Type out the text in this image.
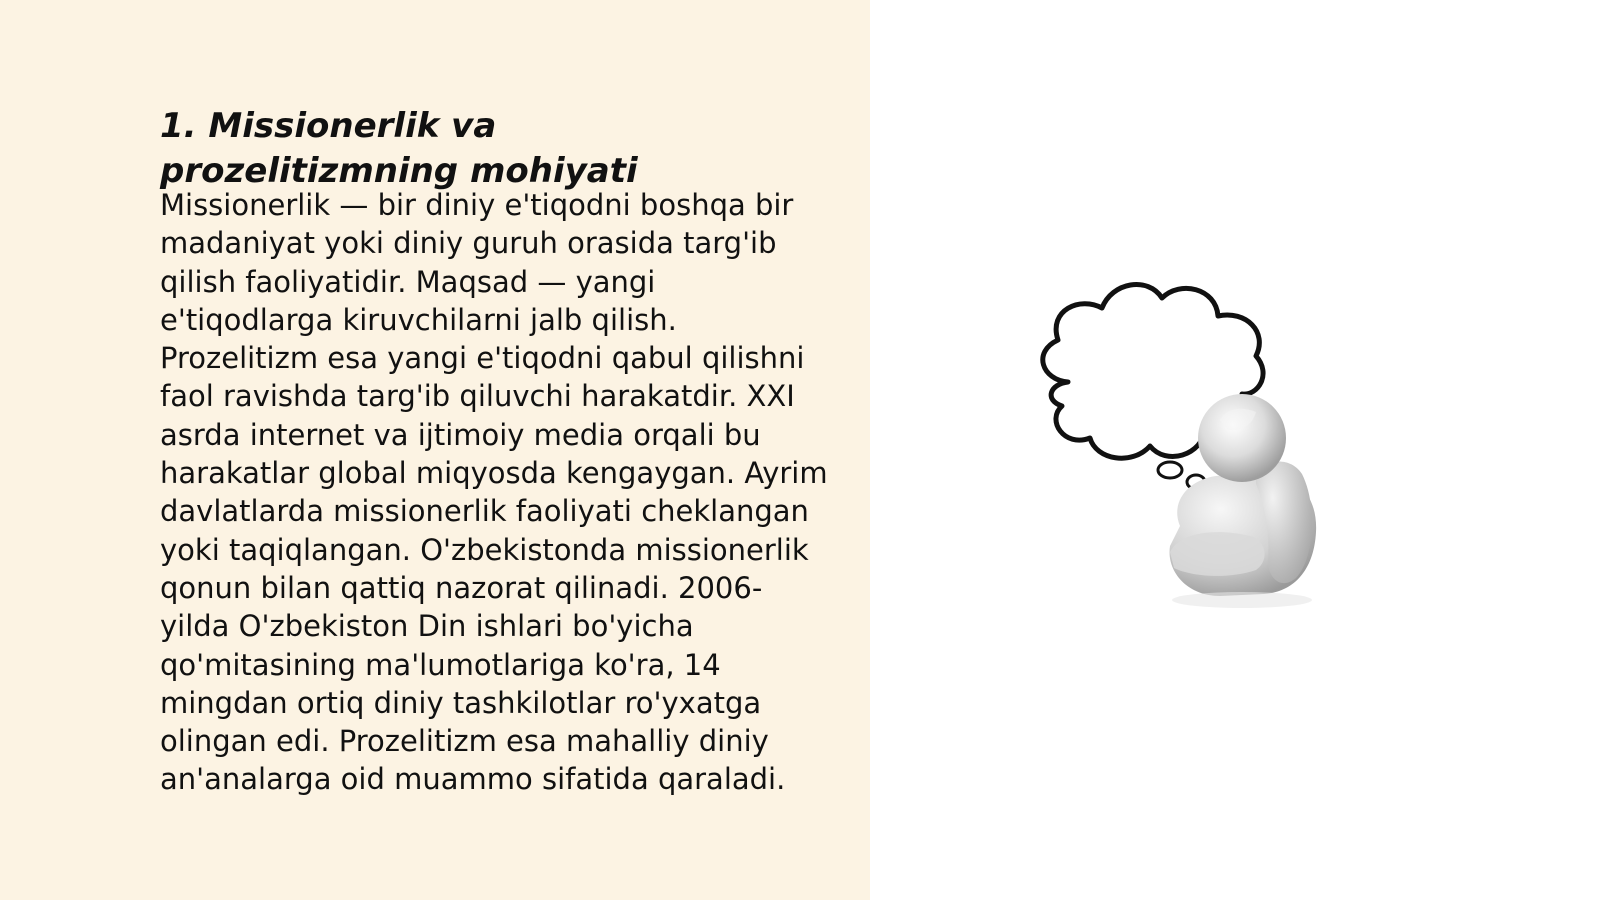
1. Missionerlik va prozelitizmning mohiyati

Missionerlik — bir diniy e'tiqodni boshqa bir madaniyat yoki diniy guruh orasida targ'ib qilish faoliyatidir. Maqsad — yangi e'tiqodlarga kiruvchilarni jalb qilish. Prozelitizm esa yangi e'tiqodni qabul qilishni faol ravishda targ'ib qiluvchi harakatdir. XXI asrda internet va ijtimoiy media orqali bu harakatlar global miqyosda kengaygan. Ayrim davlatlarda missionerlik faoliyati cheklangan yoki taqiqlangan. O'zbekistonda missionerlik qonun bilan qattiq nazorat qilinadi. 2006-yilda O'zbekiston Din ishlari bo'yicha qo'mitasining ma'lumotlariga ko'ra, 14 mingdan ortiq diniy tashkilotlar ro'yxatga olingan edi. Prozelitizm esa mahalliy diniy an'analarga oid muammo sifatida qaraladi.
